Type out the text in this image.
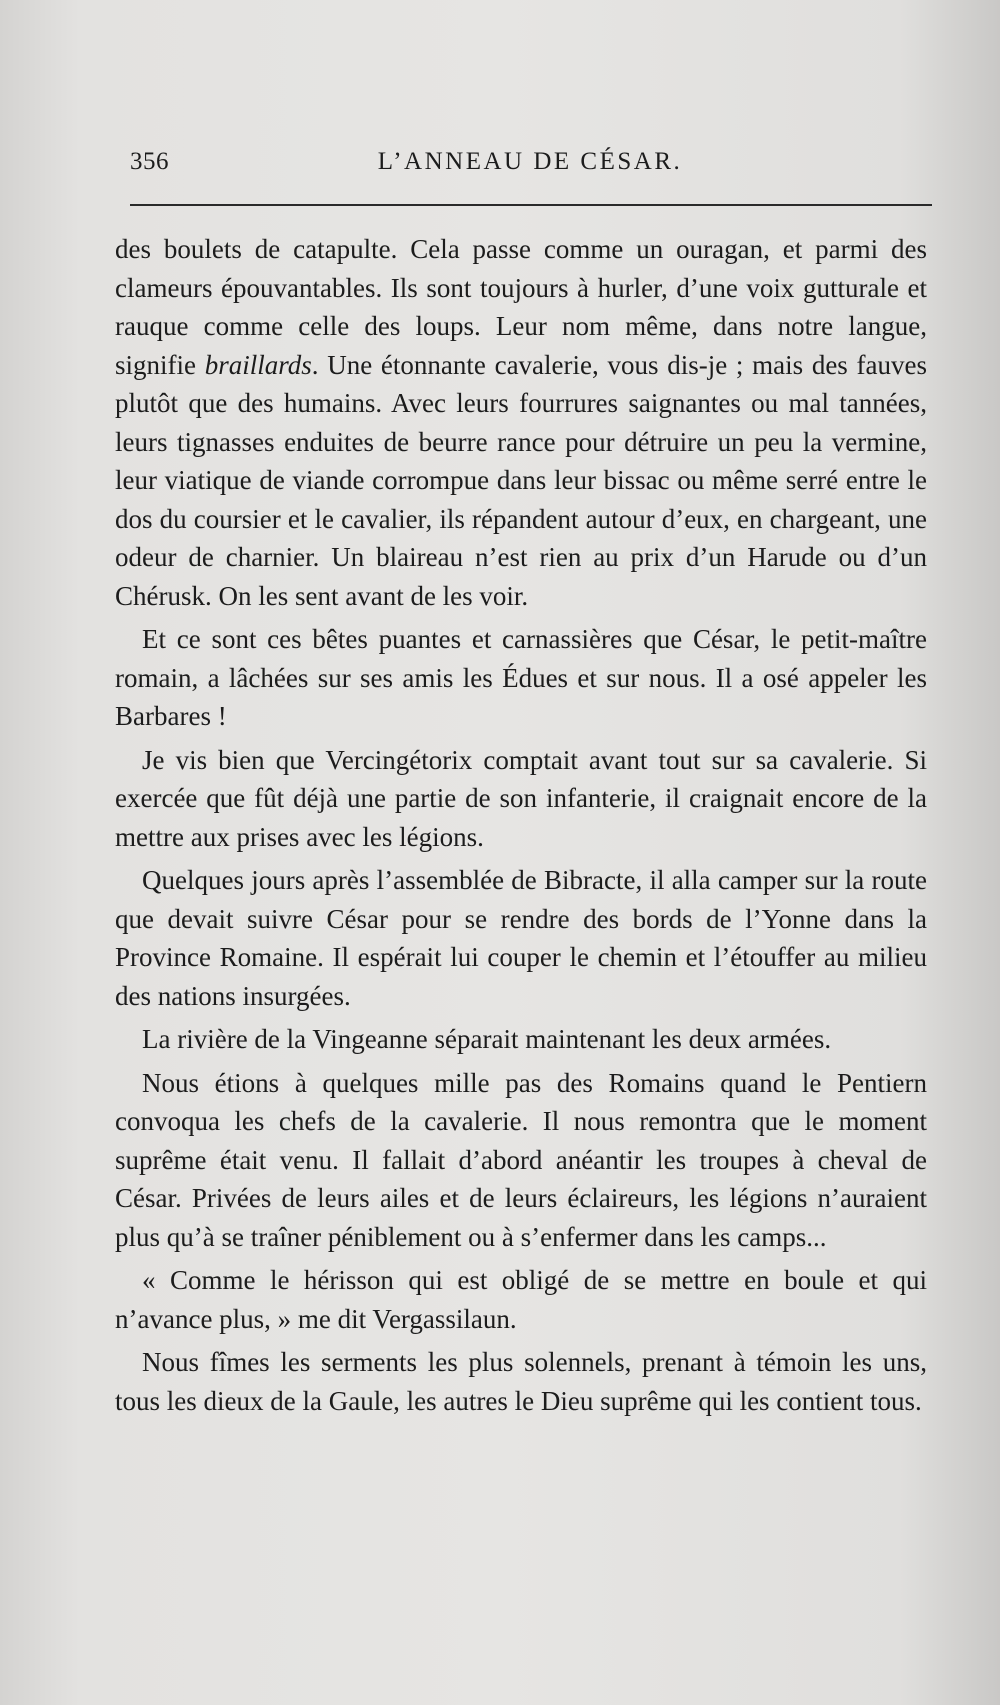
356	L’ANNEAU DE CÉSAR.

des boulets de catapulte. Cela passe comme un ouragan, et parmi des clameurs épouvantables. Ils sont toujours à hurler, d’une voix gutturale et rauque comme celle des loups. Leur nom même, dans notre langue, signifie braillards. Une étonnante cavalerie, vous dis-je ; mais des fauves plutôt que des humains. Avec leurs fourrures saignantes ou mal tannées, leurs tignasses enduites de beurre rance pour détruire un peu la vermine, leur viatique de viande corrompue dans leur bissac ou même serré entre le dos du coursier et le cavalier, ils répandent autour d’eux, en chargeant, une odeur de charnier. Un blaireau n’est rien au prix d’un Harude ou d’un Chérusk. On les sent avant de les voir.

Et ce sont ces bêtes puantes et carnassières que César, le petit-maître romain, a lâchées sur ses amis les Édues et sur nous. Il a osé appeler les Barbares !

Je vis bien que Vercingétorix comptait avant tout sur sa cavalerie. Si exercée que fût déjà une partie de son infanterie, il craignait encore de la mettre aux prises avec les légions.

Quelques jours après l’assemblée de Bibracte, il alla camper sur la route que devait suivre César pour se rendre des bords de l’Yonne dans la Province Romaine. Il espérait lui couper le chemin et l’étouffer au milieu des nations insurgées.

La rivière de la Vingeanne séparait maintenant les deux armées.

Nous étions à quelques mille pas des Romains quand le Pentiern convoqua les chefs de la cavalerie. Il nous remontra que le moment suprême était venu. Il fallait d’abord anéantir les troupes à cheval de César. Privées de leurs ailes et de leurs éclaireurs, les légions n’auraient plus qu’à se traîner péniblement ou à s’enfermer dans les camps...

« Comme le hérisson qui est obligé de se mettre en boule et qui n’avance plus, » me dit Vergassilaun.

Nous fîmes les serments les plus solennels, prenant à témoin les uns, tous les dieux de la Gaule, les autres le Dieu suprême qui les contient tous.
